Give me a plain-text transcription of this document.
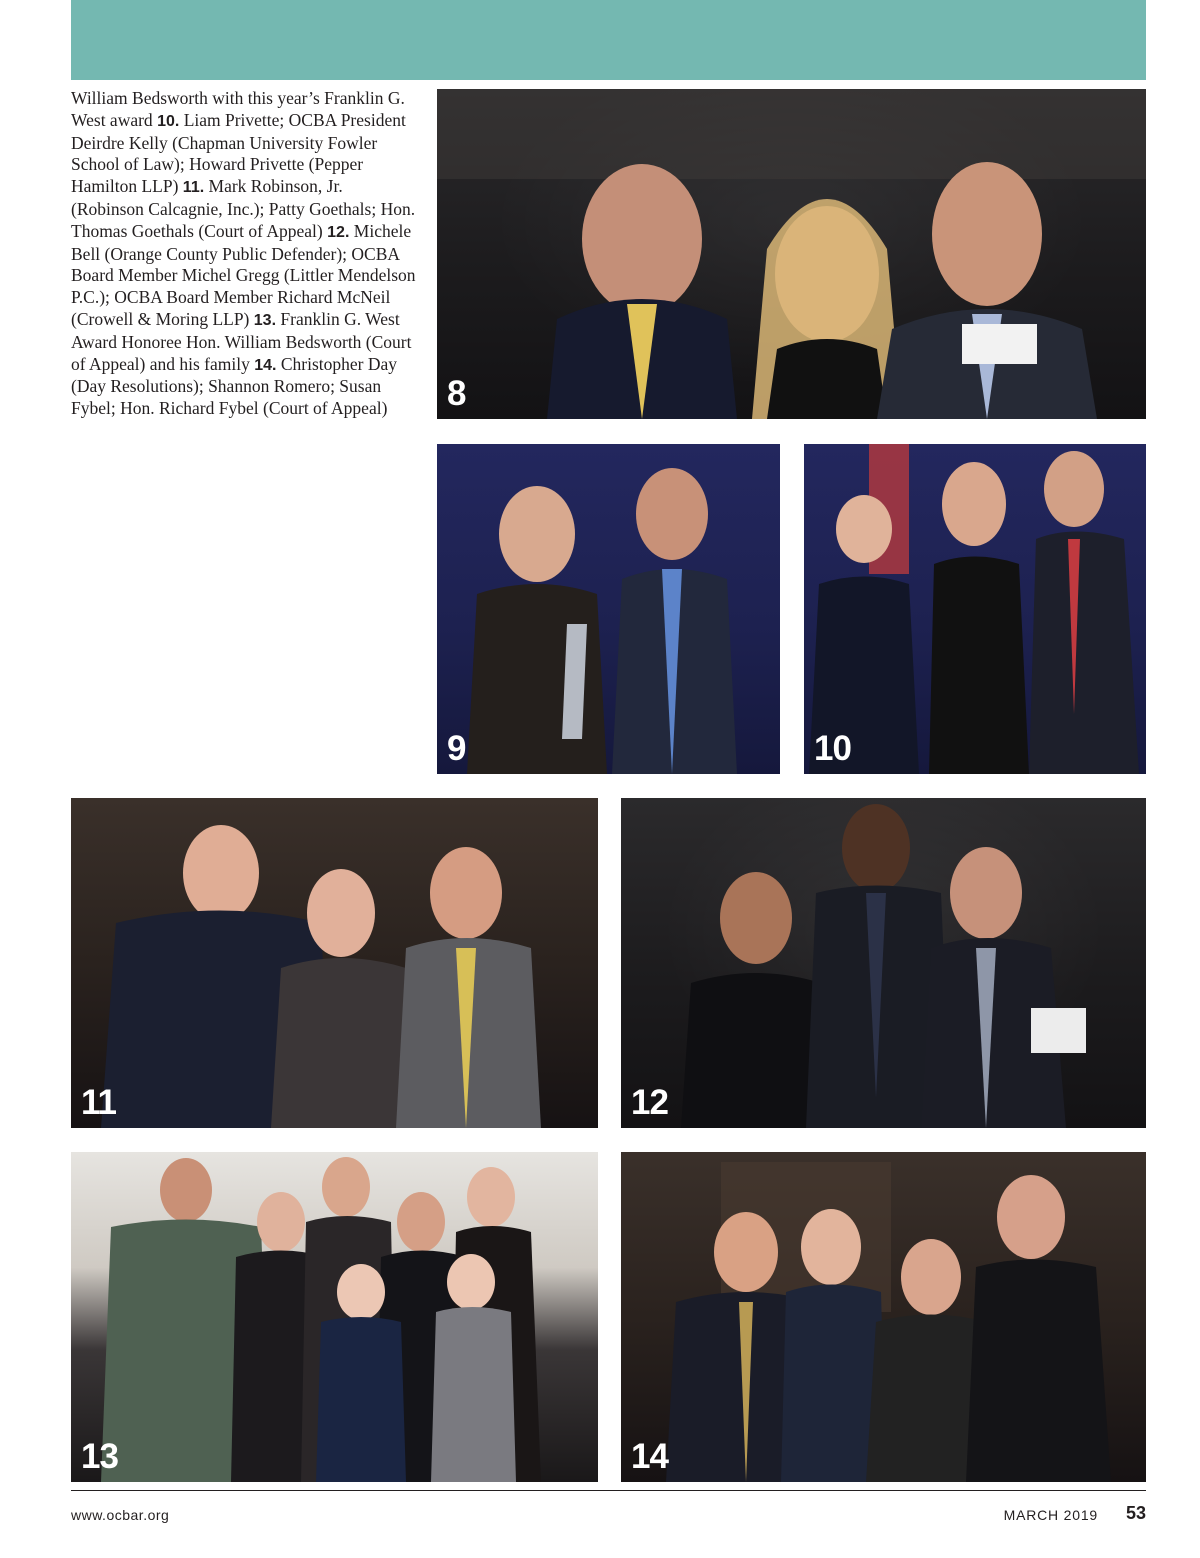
William Bedsworth with this year’s Franklin G. West award 10. Liam Privette; OCBA President Deirdre Kelly (Chapman University Fowler School of Law); Howard Privette (Pepper Hamilton LLP) 11. Mark Robinson, Jr. (Robinson Calcagnie, Inc.); Patty Goethals; Hon. Thomas Goethals (Court of Appeal) 12. Michele Bell (Orange County Public Defender); OCBA Board Member Michel Gregg (Littler Mendelson P.C.); OCBA Board Member Richard McNeil (Crowell & Moring LLP) 13. Franklin G. West Award Honoree Hon. William Bedsworth (Court of Appeal) and his family 14. Christopher Day (Day Resolutions); Shannon Romero; Susan Fybel; Hon. Richard Fybel (Court of Appeal)	8
9	10
11	12
13	14
www.ocbar.org	MARCH 2019 53
